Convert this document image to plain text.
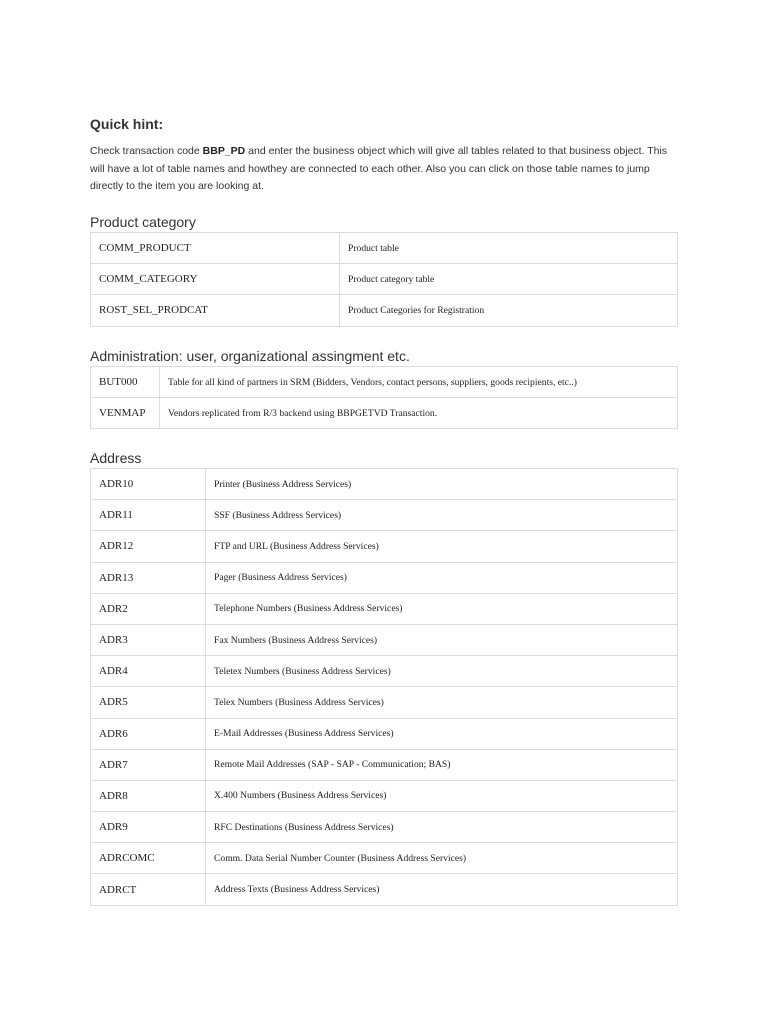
Quick hint:
Check transaction code BBP_PD and enter the business object which will give all tables related to that business object. This will have a lot of table names and howthey are connected to each other. Also you can click on those table names to jump directly to the item you are looking at.
Product category
COMM_PRODUCT	Product table
COMM_CATEGORY	Product category table
ROST_SEL_PRODCAT	Product Categories for Registration
Administration: user, organizational assingment etc.
BUT000	Table for all kind of partners in SRM (Bidders, Vendors, contact persons, suppliers, goods recipients, etc..)
VENMAP	Vendors replicated from R/3 backend using BBPGETVD Transaction.
Address
ADR10	Printer (Business Address Services)
ADR11	SSF (Business Address Services)
ADR12	FTP and URL (Business Address Services)
ADR13	Pager (Business Address Services)
ADR2	Telephone Numbers (Business Address Services)
ADR3	Fax Numbers (Business Address Services)
ADR4	Teletex Numbers (Business Address Services)
ADR5	Telex Numbers (Business Address Services)
ADR6	E-Mail Addresses (Business Address Services)
ADR7	Remote Mail Addresses (SAP - SAP - Communication; BAS)
ADR8	X.400 Numbers (Business Address Services)
ADR9	RFC Destinations (Business Address Services)
ADRCOMC	Comm. Data Serial Number Counter (Business Address Services)
ADRCT	Address Texts (Business Address Services)
